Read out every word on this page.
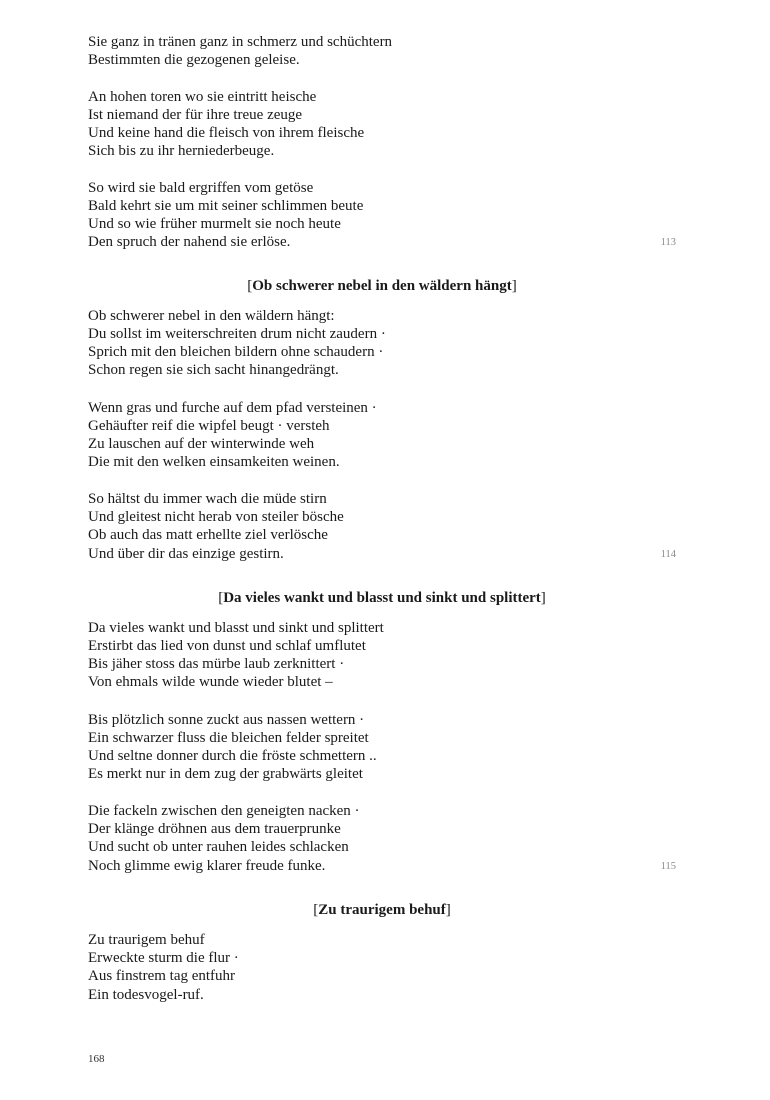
Sie ganz in tränen ganz in schmerz und schüchtern
Bestimmten die gezogenen geleise.
An hohen toren wo sie eintritt heische
Ist niemand der für ihre treue zeuge
Und keine hand die fleisch von ihrem fleische
Sich bis zu ihr herniederbeuge.
So wird sie bald ergriffen vom getöse
Bald kehrt sie um mit seiner schlimmen beute
Und so wie früher murmelt sie noch heute
Den spruch der nahend sie erlöse.	113
[Ob schwerer nebel in den wäldern hängt]
Ob schwerer nebel in den wäldern hängt:
Du sollst im weiterschreiten drum nicht zaudern ·
Sprich mit den bleichen bildern ohne schaudern ·
Schon regen sie sich sacht hinangedrängt.
Wenn gras und furche auf dem pfad versteinen ·
Gehäufter reif die wipfel beugt · versteh
Zu lauschen auf der winterwinde weh
Die mit den welken einsamkeiten weinen.
So hältst du immer wach die müde stirn
Und gleitest nicht herab von steiler bösche
Ob auch das matt erhellte ziel verlösche
Und über dir das einzige gestirn.	114
[Da vieles wankt und blasst und sinkt und splittert]
Da vieles wankt und blasst und sinkt und splittert
Erstirbt das lied von dunst und schlaf umflutet
Bis jäher stoss das mürbe laub zerknittert ·
Von ehmals wilde wunde wieder blutet –
Bis plötzlich sonne zuckt aus nassen wettern ·
Ein schwarzer fluss die bleichen felder spreitet
Und seltne donner durch die fröste schmettern ..
Es merkt nur in dem zug der grabwärts gleitet
Die fackeln zwischen den geneigten nacken ·
Der klänge dröhnen aus dem trauerprunke
Und sucht ob unter rauhen leides schlacken
Noch glimme ewig klarer freude funke.	115
[Zu traurigem behuf]
Zu traurigem behuf
Erweckte sturm die flur ·
Aus finstrem tag entfuhr
Ein todesvogel-ruf.
168
